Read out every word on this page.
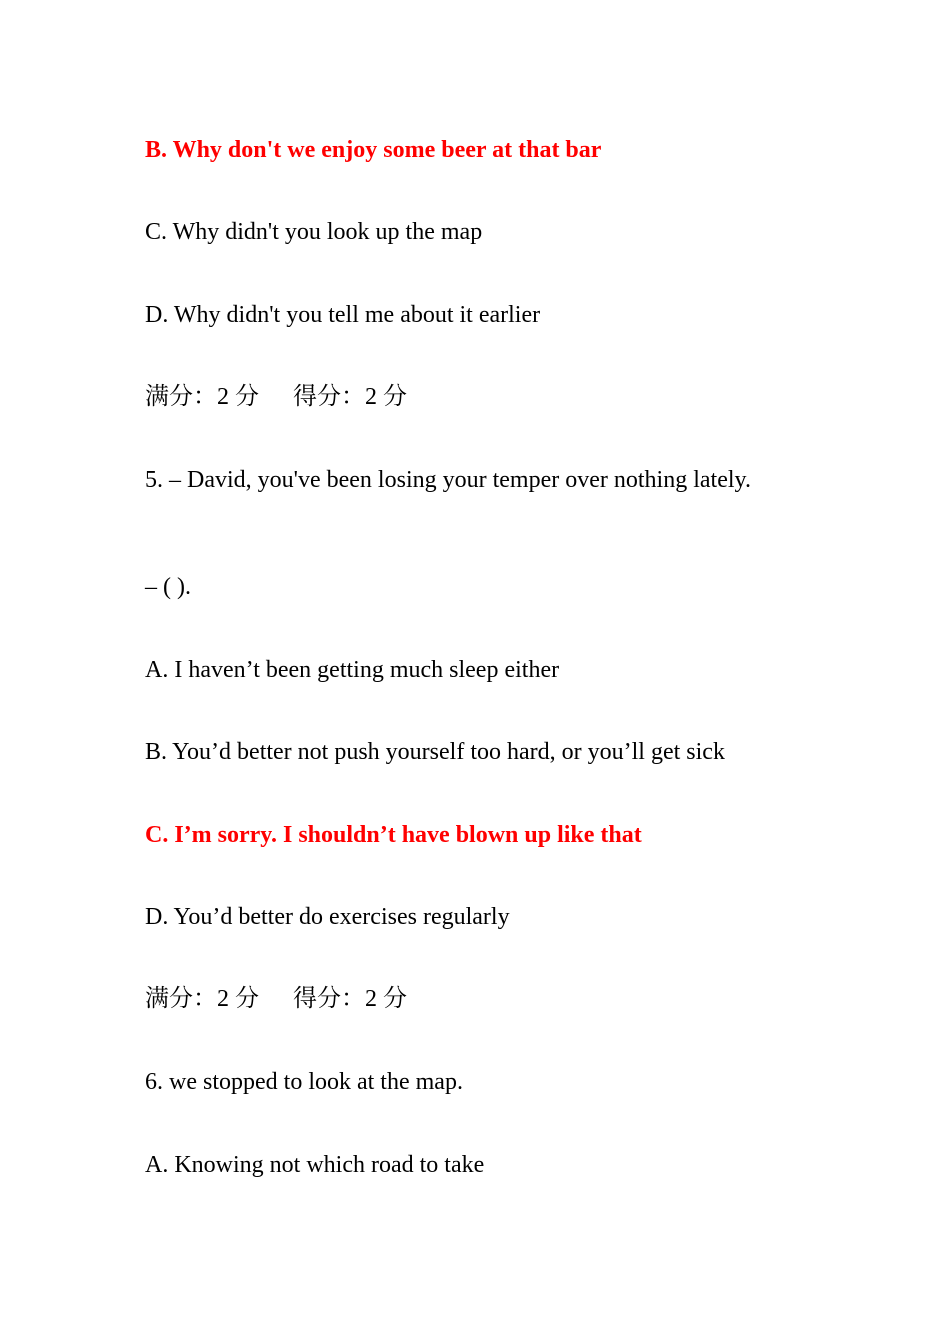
B. Why don't we enjoy some beer at that bar
C. Why didn't you look up the map
D. Why didn't you tell me about it earlier
满分：2 分 得分：2 分
5. – David, you've been losing your temper over nothing lately.
– ( ).
A. I haven’t been getting much sleep either
B. You’d better not push yourself too hard, or you’ll get sick
C. I’m sorry. I shouldn’t have blown up like that
D. You’d better do exercises regularly
满分：2 分 得分：2 分
6. we stopped to look at the map.
A. Knowing not which road to take
